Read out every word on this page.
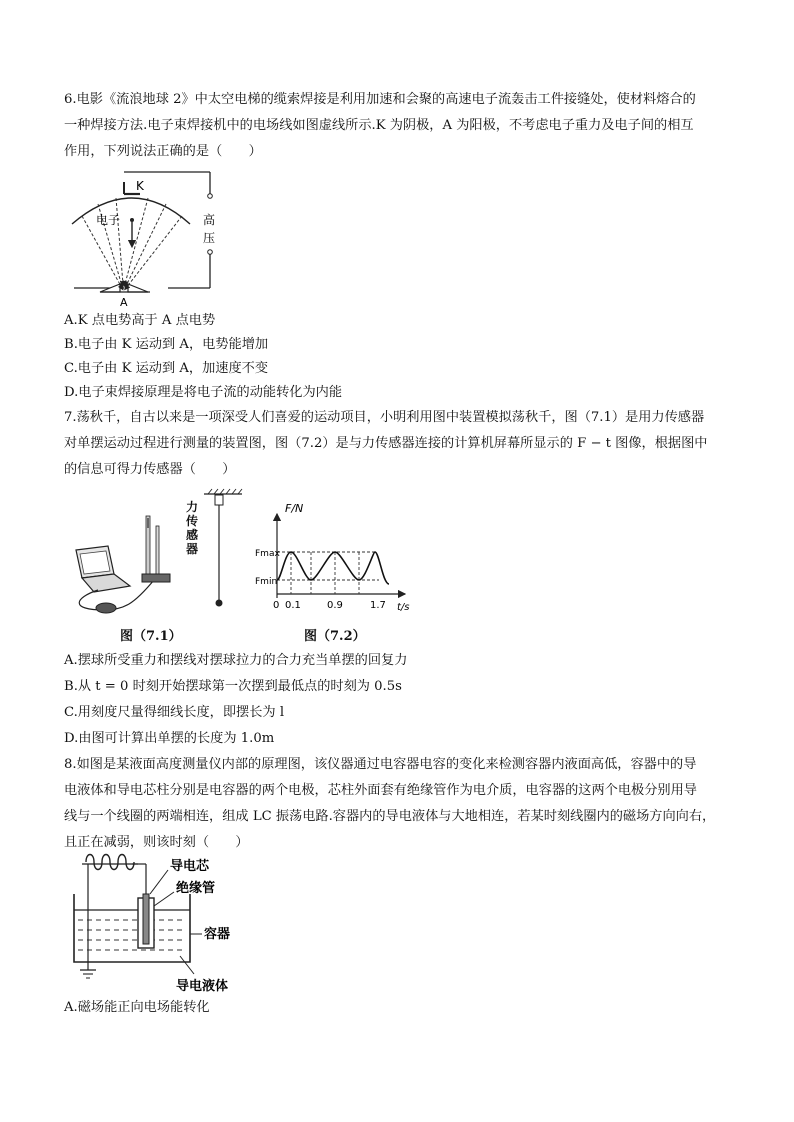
6.电影《流浪地球 2》中太空电梯的缆索焊接是利用加速和会聚的高速电子流轰击工件接缝处，使材料熔合的
一种焊接方法.电子束焊接机中的电场线如图虚线所示.K 为阴极，A 为阳极，不考虑电子重力及电子间的相互
作用，下列说法正确的是（　　）
K
电子	高
压
A
A.K 点电势高于 A 点电势
B.电子由 K 运动到 A，电势能增加
C.电子由 K 运动到 A，加速度不变
D.电子束焊接原理是将电子流的动能转化为内能
7.荡秋千，自古以来是一项深受人们喜爱的运动项目，小明利用图中装置模拟荡秋千，图（7.1）是用力传感器
对单摆运动过程进行测量的装置图，图（7.2）是与力传感器连接的计算机屏幕所显示的 F − t 图像，根据图中
的信息可得力传感器（　　）
力
传
感
器
F/N
Fmax
Fmin
0 0.1	0.9	1.7 t/s
图（7.1）	图（7.2）
A.摆球所受重力和摆线对摆球拉力的合力充当单摆的回复力
B.从 t = 0 时刻开始摆球第一次摆到最低点的时刻为 0.5s
C.用刻度尺量得细线长度，即摆长为 l
D.由图可计算出单摆的长度为 1.0m
8.如图是某液面高度测量仪内部的原理图，该仪器通过电容器电容的变化来检测容器内液面高低，容器中的导
电液体和导电芯柱分别是电容器的两个电极，芯柱外面套有绝缘管作为电介质，电容器的这两个电极分别用导
线与一个线圈的两端相连，组成 LC 振荡电路.容器内的导电液体与大地相连，若某时刻线圈内的磁场方向向右，
且正在减弱，则该时刻（　　）
导电芯
绝缘管
容器
导电液体
A.磁场能正向电场能转化
